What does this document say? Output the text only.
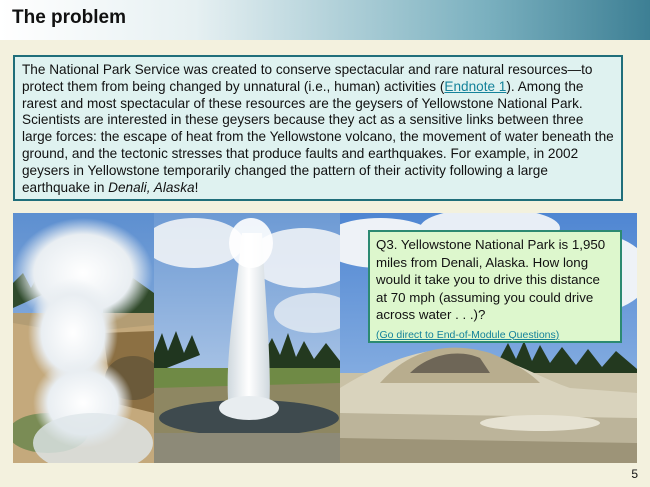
The problem
The National Park Service was created to conserve spectacular and rare natural resources—to protect them from being changed by unnatural (i.e., human) activities (Endnote 1). Among the rarest and most spectacular of these resources are the geysers of Yellowstone National Park. Scientists are interested in these geysers because they act as a sensitive links between three large forces: the escape of heat from the Yellowstone volcano, the movement of water beneath the ground, and the tectonic stresses that produce faults and earthquakes. For example, in 2002 geysers in Yellowstone temporarily changed the pattern of their activity following a large earthquake in Denali, Alaska!
Q3. Yellowstone National Park is 1,950 miles from Denali, Alaska. How long would it take you to drive this distance at 70 mph (assuming you could drive across water . . .)?
(Go direct to End-of-Module Questions)
5
